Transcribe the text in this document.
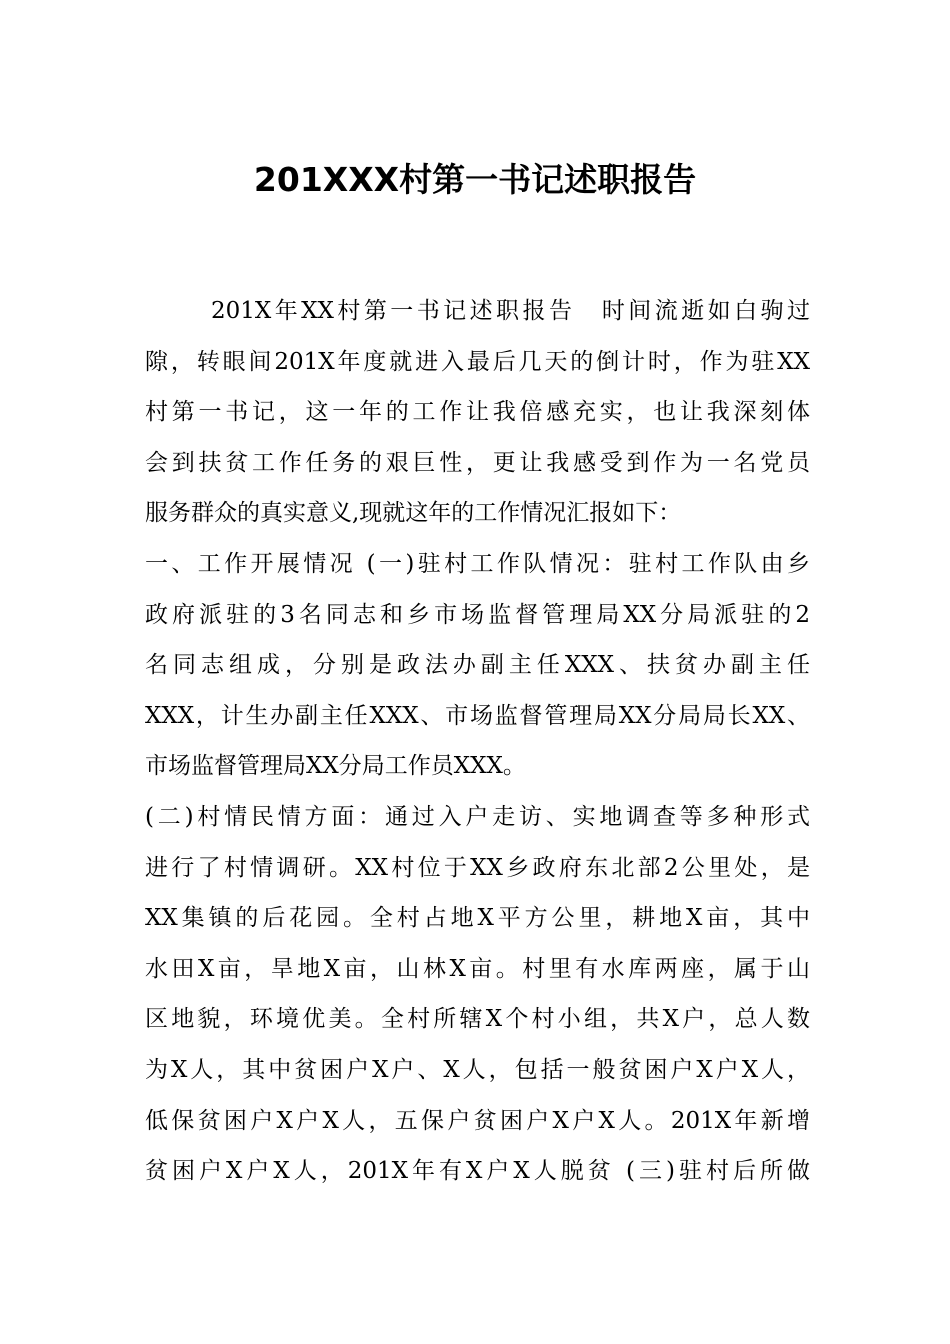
201XXX村第一书记述职报告
201X年XX村第一书记述职报告　时间流逝如白驹过
隙，转眼间201X年度就进入最后几天的倒计时，作为驻XX
村第一书记，这一年的工作让我倍感充实，也让我深刻体
会到扶贫工作任务的艰巨性，更让我感受到作为一名党员
服务群众的真实意义,现就这年的工作情况汇报如下：
一、工作开展情况 (一)驻村工作队情况：驻村工作队由乡
政府派驻的3名同志和乡市场监督管理局XX分局派驻的2
名同志组成，分别是政法办副主任XXX、扶贫办副主任
XXX，计生办副主任XXX、市场监督管理局XX分局局长XX、
市场监督管理局XX分局工作员XXX。
(二)村情民情方面：通过入户走访、实地调查等多种形式
进行了村情调研。XX村位于XX乡政府东北部2公里处，是
XX集镇的后花园。全村占地X平方公里，耕地X亩，其中
水田X亩，旱地X亩，山林X亩。村里有水库两座，属于山
区地貌，环境优美。全村所辖X个村小组，共X户，总人数
为X人，其中贫困户X户、X人，包括一般贫困户X户X人，
低保贫困户X户X人，五保户贫困户X户X人。201X年新增
贫困户X户X人，201X年有X户X人脱贫 (三)驻村后所做
